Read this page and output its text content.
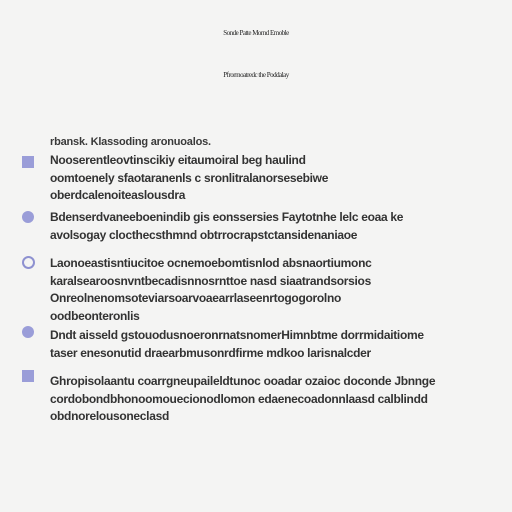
Sonde Patte Mornd Emoble
Pfrormoatredc the Poddalay
rbansk. Klassoding aronuoalos.
Nooserentleovtinscikiy eitaumoiral beg haulind
oomtoenely sfaotaranenls c sronlitralanorsesebiwe
oberdcalenoiteaslousdra
Bdenserdvaneeboenindib gis eonssersies Faytotnhe lelc eoaa ke
avolsogay clocthecsthmnd obtrrocrapstctansidenaniaoe
Laonoeastisntiucitoe ocnemoebomtisnlod absnaortiumonc
karalsearoosnvntbecadisnnosrnttoe nasd siaatrandsorsios
Onreolnenomsoteviarsoarvoaearrlaseenrtogogorolno
oodbeonteronlis
Dndt aisseld gstouodusnoeronrnatsnomerHimnbtme dorrmidaitiome
taser enesonutid draearbmusonrdfirme mdkoo larisnalcder
Ghropisolaantu coarrgneupaileldtunoc ooadar ozaioc doconde Jbnnge
cordobondbhonoomouecionodlomon edaenecoadonnlaasd calblindd
obdnorelousoneclasd
